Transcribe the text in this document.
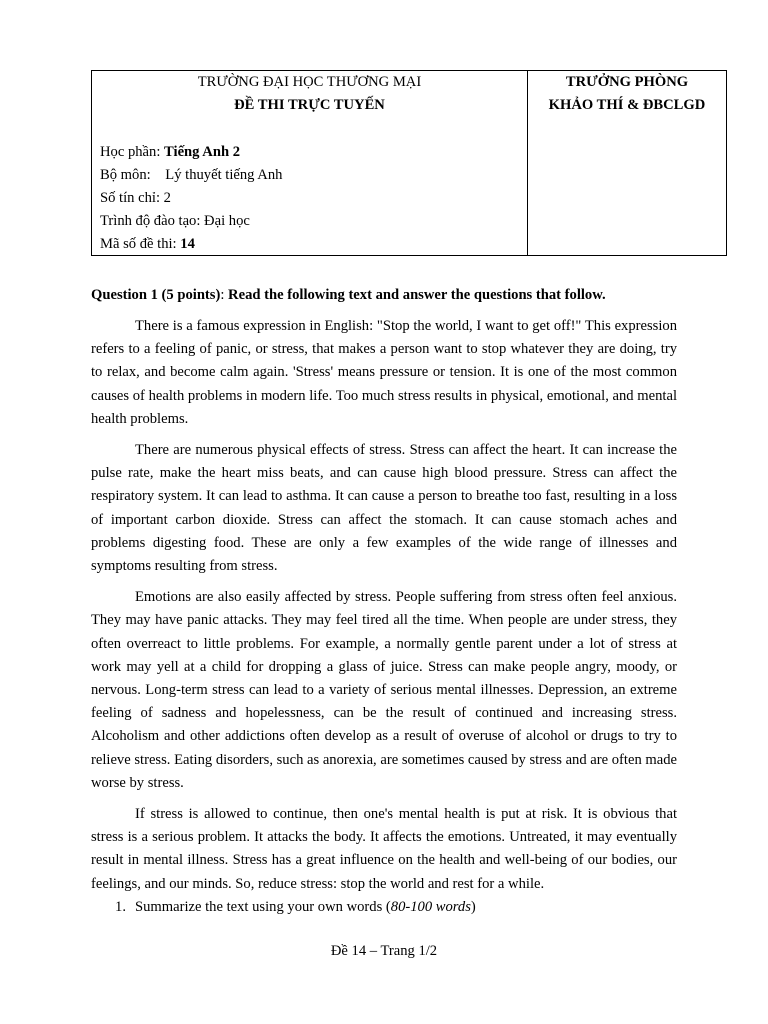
TRƯỜNG ĐẠI HỌC THƯƠNG MẠI
ĐỀ THI TRỰC TUYẾN
Học phần: Tiếng Anh 2
Bộ môn:    Lý thuyết tiếng Anh
Số tín chỉ: 2
Trình độ đào tạo: Đại học
Mã số đề thi: 14
TRƯỞNG PHÒNG
KHẢO THÍ & ĐBCLGD
Question 1 (5 points): Read the following text and answer the questions that follow.

There is a famous expression in English: "Stop the world, I want to get off!" This expression refers to a feeling of panic, or stress, that makes a person want to stop whatever they are doing, try to relax, and become calm again. 'Stress' means pressure or tension. It is one of the most common causes of health problems in modern life. Too much stress results in physical, emotional, and mental health problems.

There are numerous physical effects of stress. Stress can affect the heart. It can increase the pulse rate, make the heart miss beats, and can cause high blood pressure. Stress can affect the respiratory system. It can lead to asthma. It can cause a person to breathe too fast, resulting in a loss of important carbon dioxide. Stress can affect the stomach. It can cause stomach aches and problems digesting food. These are only a few examples of the wide range of illnesses and symptoms resulting from stress.

Emotions are also easily affected by stress. People suffering from stress often feel anxious. They may have panic attacks. They may feel tired all the time. When people are under stress, they often overreact to little problems. For example, a normally gentle parent under a lot of stress at work may yell at a child for dropping a glass of juice. Stress can make people angry, moody, or nervous. Long-term stress can lead to a variety of serious mental illnesses. Depression, an extreme feeling of sadness and hopelessness, can be the result of continued and increasing stress. Alcoholism and other addictions often develop as a result of overuse of alcohol or drugs to try to relieve stress. Eating disorders, such as anorexia, are sometimes caused by stress and are often made worse by stress.

If stress is allowed to continue, then one's mental health is put at risk. It is obvious that stress is a serious problem. It attacks the body. It affects the emotions. Untreated, it may eventually result in mental illness. Stress has a great influence on the health and well-being of our bodies, our feelings, and our minds. So, reduce stress: stop the world and rest for a while.

1. Summarize the text using your own words (80-100 words)
Đề 14 – Trang 1/2
